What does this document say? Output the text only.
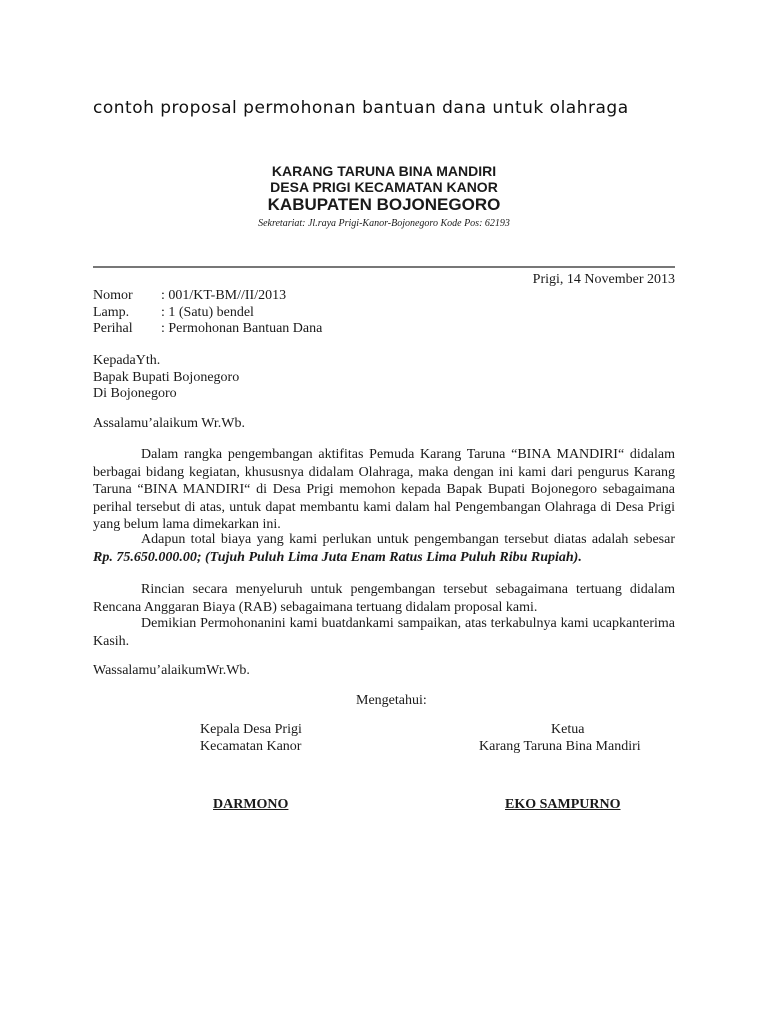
contoh proposal permohonan bantuan dana untuk olahraga
KARANG TARUNA BINA MANDIRI
DESA PRIGI KECAMATAN KANOR
KABUPATEN BOJONEGORO
Sekretariat: Jl.raya Prigi-Kanor-Bojonegoro Kode Pos: 62193
Prigi, 14 November 2013
Nomor : 001/KT-BM//II/2013
Lamp. : 1 (Satu) bendel
Perihal : Permohonan Bantuan Dana
KepadaYth.
Bapak Bupati Bojonegoro
Di Bojonegoro
Assalamu’alaikum Wr.Wb.

Dalam rangka pengembangan aktifitas Pemuda Karang Taruna “BINA MANDIRI“ didalam berbagai bidang kegiatan, khususnya didalam Olahraga, maka dengan ini kami dari pengurus Karang Taruna “BINA MANDIRI“ di Desa Prigi memohon kepada Bapak Bupati Bojonegoro sebagaimana perihal tersebut di atas, untuk dapat membantu kami dalam hal Pengembangan Olahraga di Desa Prigi yang belum lama dimekarkan ini.

Adapun total biaya yang kami perlukan untuk pengembangan tersebut diatas adalah sebesar Rp. 75.650.000.00; (Tujuh Puluh Lima Juta Enam Ratus Lima Puluh Ribu Rupiah).

Rincian secara menyeluruh untuk pengembangan tersebut sebagaimana tertuang didalam Rencana Anggaran Biaya (RAB) sebagaimana tertuang didalam proposal kami.

Demikian Permohonanini kami buatdankami sampaikan, atas terkabulnya kami ucapkanterima Kasih.

Wassalamu’alaikumWr.Wb.
Mengetahui:
Kepala Desa Prigi
Kecamatan Kanor
Ketua
Karang Taruna Bina Mandiri
DARMONO	EKO SAMPURNO
